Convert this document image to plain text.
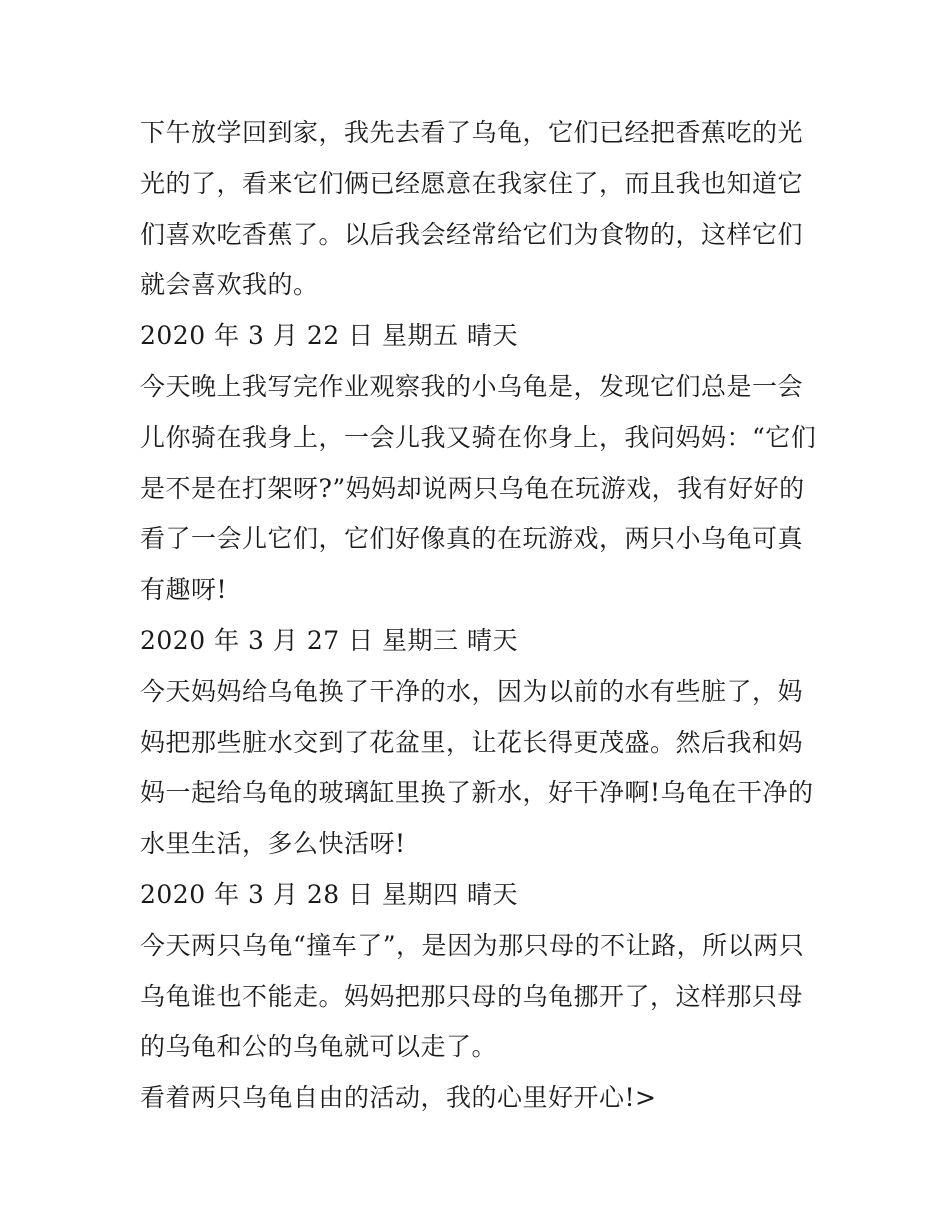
下午放学回到家，我先去看了乌龟，它们已经把香蕉吃的光光的了，看来它们俩已经愿意在我家住了，而且我也知道它们喜欢吃香蕉了。以后我会经常给它们为食物的，这样它们就会喜欢我的。

2020 年 3 月 22 日 星期五 晴天

今天晚上我写完作业观察我的小乌龟是，发现它们总是一会儿你骑在我身上，一会儿我又骑在你身上，我问妈妈：“它们是不是在打架呀?”妈妈却说两只乌龟在玩游戏，我有好好的看了一会儿它们，它们好像真的在玩游戏，两只小乌龟可真有趣呀!

2020 年 3 月 27 日 星期三 晴天

今天妈妈给乌龟换了干净的水，因为以前的水有些脏了，妈妈把那些脏水交到了花盆里，让花长得更茂盛。然后我和妈妈一起给乌龟的玻璃缸里换了新水，好干净啊!乌龟在干净的水里生活，多么快活呀!

2020 年 3 月 28 日 星期四 晴天

今天两只乌龟“撞车了”，是因为那只母的不让路，所以两只乌龟谁也不能走。妈妈把那只母的乌龟挪开了，这样那只母的乌龟和公的乌龟就可以走了。

看着两只乌龟自由的活动，我的心里好开心!>
